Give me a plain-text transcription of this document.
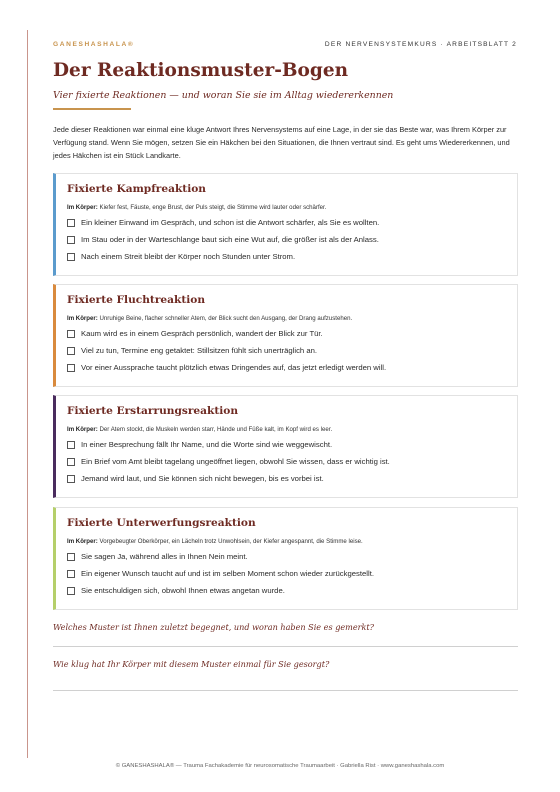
GANESHASHALA®	DER NERVENSYSTEMKURS · ARBEITSBLATT 2
Der Reaktionsmuster-Bogen
Vier fixierte Reaktionen — und woran Sie sie im Alltag wiedererkennen

Jede dieser Reaktionen war einmal eine kluge Antwort Ihres Nervensystems auf eine Lage, in der sie das Beste war, was Ihrem Körper zur Verfügung stand. Wenn Sie mögen, setzen Sie ein Häkchen bei den Situationen, die Ihnen vertraut sind. Es geht ums Wiedererkennen, und jedes Häkchen ist ein Stück Landkarte.

Fixierte Kampfreaktion
Im Körper: Kiefer fest, Fäuste, enge Brust, der Puls steigt, die Stimme wird lauter oder schärfer.
Ein kleiner Einwand im Gespräch, und schon ist die Antwort schärfer, als Sie es wollten.
Im Stau oder in der Warteschlange baut sich eine Wut auf, die größer ist als der Anlass.
Nach einem Streit bleibt der Körper noch Stunden unter Strom.
Fixierte Fluchtreaktion
Im Körper: Unruhige Beine, flacher schneller Atem, der Blick sucht den Ausgang, der Drang aufzustehen.
Kaum wird es in einem Gespräch persönlich, wandert der Blick zur Tür.
Viel zu tun, Termine eng getaktet: Stillsitzen fühlt sich unerträglich an.
Vor einer Aussprache taucht plötzlich etwas Dringendes auf, das jetzt erledigt werden will.
Fixierte Erstarrungsreaktion
Im Körper: Der Atem stockt, die Muskeln werden starr, Hände und Füße kalt, im Kopf wird es leer.
In einer Besprechung fällt Ihr Name, und die Worte sind wie weggewischt.
Ein Brief vom Amt bleibt tagelang ungeöffnet liegen, obwohl Sie wissen, dass er wichtig ist.
Jemand wird laut, und Sie können sich nicht bewegen, bis es vorbei ist.
Fixierte Unterwerfungsreaktion
Im Körper: Vorgebeugter Oberkörper, ein Lächeln trotz Unwohlsein, der Kiefer angespannt, die Stimme leise.
Sie sagen Ja, während alles in Ihnen Nein meint.
Ein eigener Wunsch taucht auf und ist im selben Moment schon wieder zurückgestellt.
Sie entschuldigen sich, obwohl Ihnen etwas angetan wurde.
Welches Muster ist Ihnen zuletzt begegnet, und woran haben Sie es gemerkt?
Wie klug hat Ihr Körper mit diesem Muster einmal für Sie gesorgt?
© GANESHASHALA® — Trauma Fachakademie für neurosomatische Traumaarbeit · Gabriella Rist · www.ganeshashala.com
